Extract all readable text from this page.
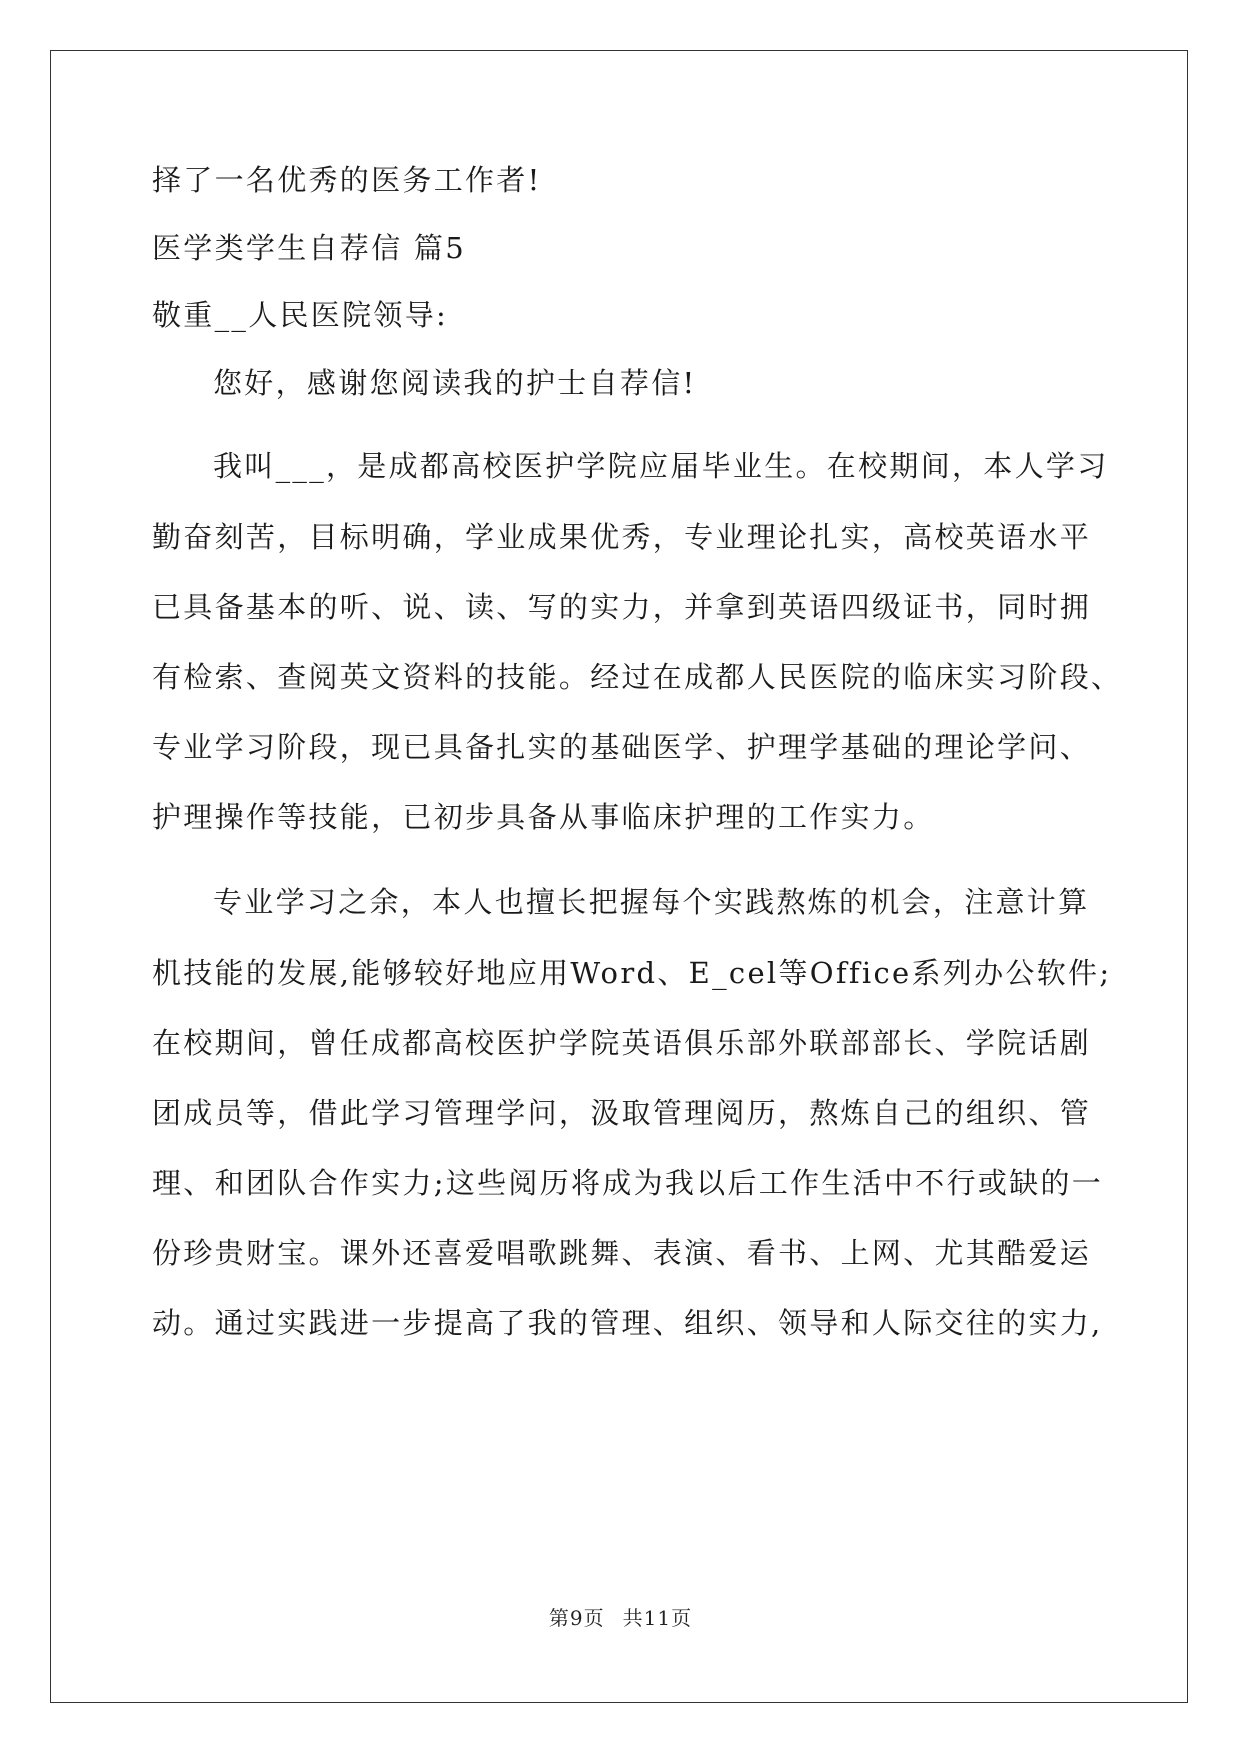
择了一名优秀的医务工作者!
医学类学生自荐信 篇5
敬重__人民医院领导:
您好，感谢您阅读我的护士自荐信!
我叫___，是成都高校医护学院应届毕业生。在校期间，本人学习
勤奋刻苦，目标明确，学业成果优秀，专业理论扎实，高校英语水平
已具备基本的听、说、读、写的实力，并拿到英语四级证书，同时拥
有检索、查阅英文资料的技能。经过在成都人民医院的临床实习阶段、
专业学习阶段，现已具备扎实的基础医学、护理学基础的理论学问、
护理操作等技能，已初步具备从事临床护理的工作实力。
专业学习之余，本人也擅长把握每个实践熬炼的机会，注意计算
机技能的发展,能够较好地应用Word、E_cel等Office系列办公软件;
在校期间，曾任成都高校医护学院英语俱乐部外联部部长、学院话剧
团成员等，借此学习管理学问，汲取管理阅历，熬炼自己的组织、管
理、和团队合作实力;这些阅历将成为我以后工作生活中不行或缺的一
份珍贵财宝。课外还喜爱唱歌跳舞、表演、看书、上网、尤其酷爱运
动。通过实践进一步提高了我的管理、组织、领导和人际交往的实力,
第9页 共11页
